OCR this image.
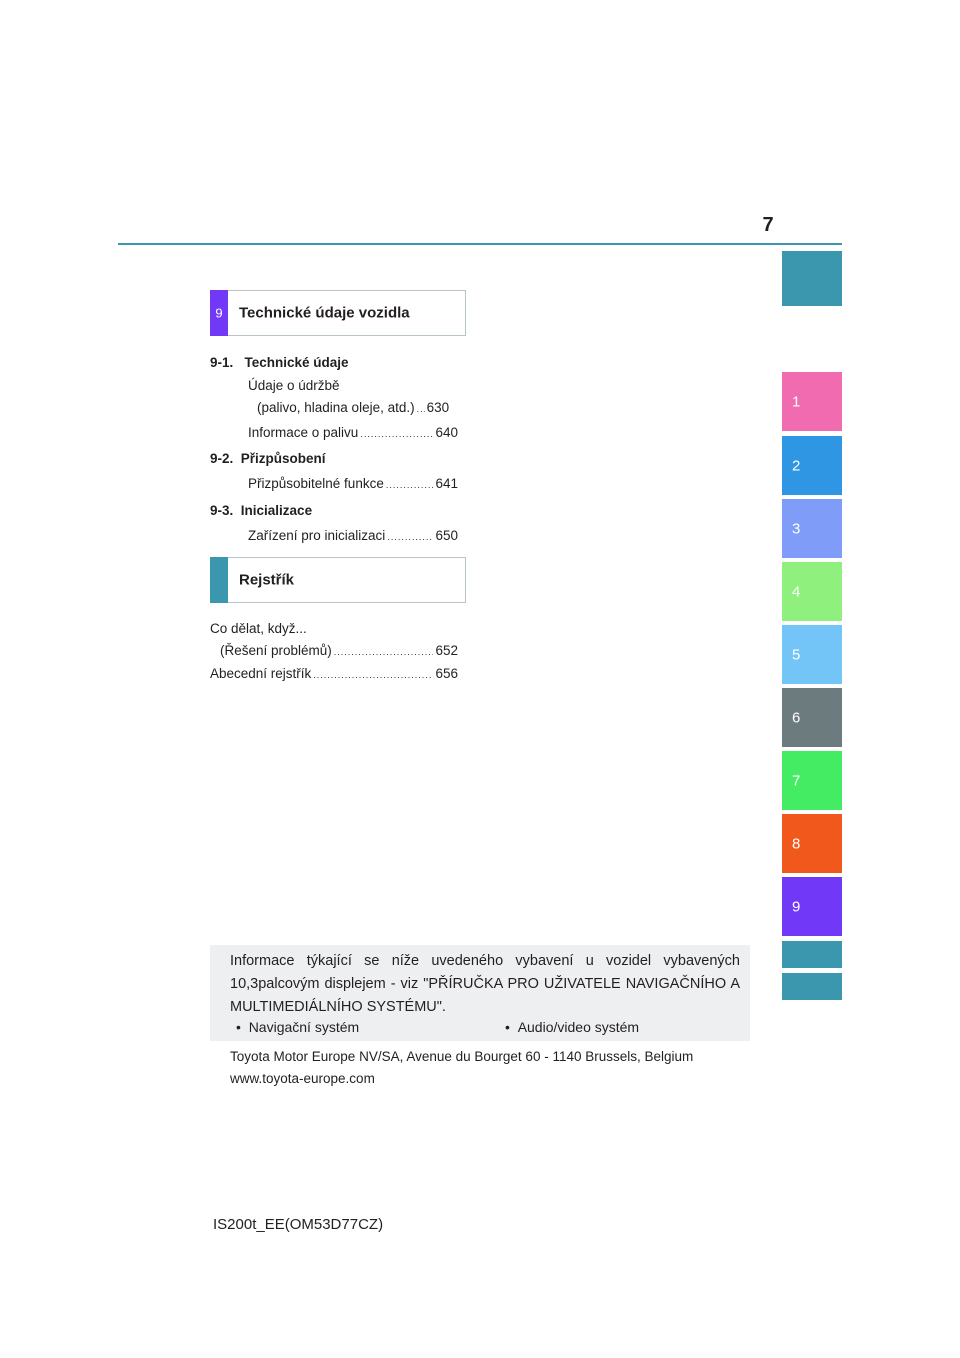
7
1
2
3
4
5
6
7
8
9
9	Technické údaje vozidla
9-1. Technické údaje
Údaje o údržbě
(palivo, hladina oleje, atd.) ..... 630
Informace o palivu .....	640
9-2. Přizpůsobení
Přizpůsobitelné funkce .....	641
9-3. Inicializace
Zařízení pro inicializaci .....	650
Rejstřík
Co dělat, když...
(Řešení problémů) .....	652
Abecední rejstřík .....	656
Informace týkající se níže uvedeného vybavení u vozidel vybavených 10,3palcovým displejem - viz "PŘÍRUČKA PRO UŽIVATELE NAVIGAČNÍHO A MULTIMEDIÁLNÍHO SYSTÉMU".
• Navigační systém	• Audio/video systém
Toyota Motor Europe NV/SA, Avenue du Bourget 60 - 1140 Brussels, Belgium
www.toyota-europe.com
IS200t_EE(OM53D77CZ)
